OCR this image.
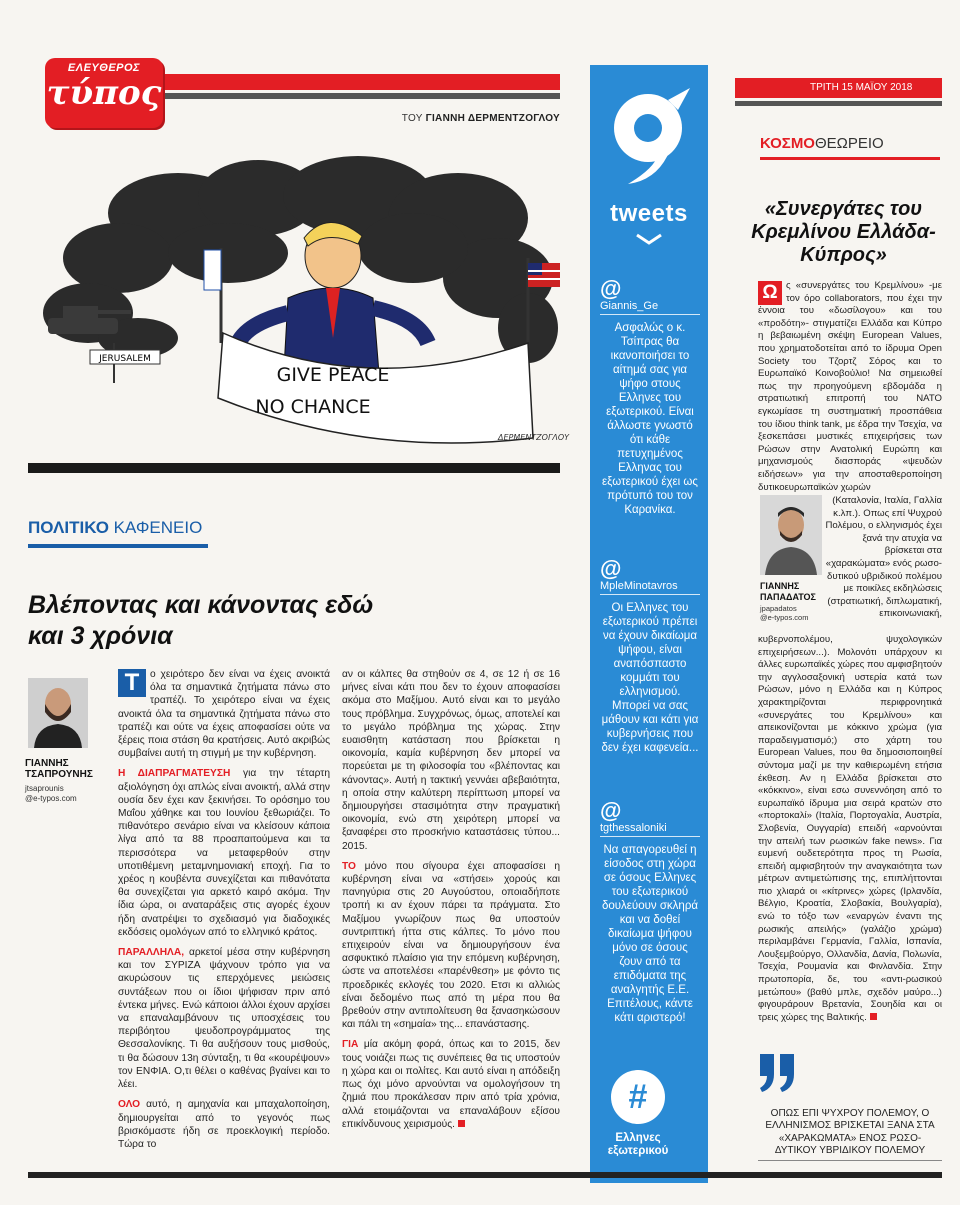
ΕΛΕΥΘΕΡΟΣ
τύπος
ΤΟΥ ΓΙΑΝΝΗ ΔΕΡΜΕΝΤΖΟΓΛΟΥ
JERUSALEM
GIVE PEACE
NO CHANCE
ΔΕΡΜΕΝΤΖΟΓΛΟΥ
ΠΟΛΙΤΙΚΟ ΚΑΦΕΝΕΙΟ
Βλέποντας και κάνοντας εδώ και 3 χρόνια
ΓΙΑΝΝΗΣ
ΤΣΑΠΡΟΥΝΗΣ
jtsaprounis
@e-typos.com

Τ	ο χειρότερο δεν είναι να έχεις ανοικτά όλα τα σημαντικά ζητήματα πάνω στο τραπέζι. Το χειρότερο είναι να έχεις ανοικτά όλα τα σημαντικά ζητήματα πάνω στο τραπέζι και ούτε να έχεις αποφασίσει ούτε να ξέρεις ποια στάση θα κρατήσεις. Αυτό ακριβώς συμβαίνει αυτή τη στιγμή με την κυβέρνηση.

Η ΔΙΑΠΡΑΓΜΑΤΕΥΣΗ για την τέταρτη αξιολόγηση όχι απλώς είναι ανοικτή, αλλά στην ουσία δεν έχει καν ξεκινήσει. Το ορόσημο του Μαΐου χάθηκε και του Ιουνίου ξεθωριάζει. Το πιθανότερο σενάριο είναι να κλείσουν κάποια λίγα από τα 88 προαπαιτούμενα και τα περισσότερα να μεταφερθούν στην υποτιθέμενη μεταμνημονιακή εποχή. Για το χρέος η κουβέντα συνεχίζεται και πιθανότατα θα συνεχίζεται για αρκετό καιρό ακόμα. Την ίδια ώρα, οι αναταράξεις στις αγορές έχουν ήδη ανατρέψει το σχεδιασμό για διαδοχικές εκδόσεις ομολόγων από το ελληνικό κράτος.

ΠΑΡΑΛΛΗΛΑ, αρκετοί μέσα στην κυβέρνηση και τον ΣΥΡΙΖΑ ψάχνουν τρόπο για να ακυρώσουν τις επερχόμενες μειώσεις συντάξεων που οι ίδιοι ψήφισαν πριν από έντεκα μήνες. Ενώ κάποιοι άλλοι έχουν αρχίσει να επαναλαμβάνουν τις υποσχέσεις του περιβόητου ψευδοπρογράμματος της Θεσσαλονίκης. Τι θα αυξήσουν τους μισθούς, τι θα δώσουν 13η σύνταξη, τι θα «κουρέψουν» τον ΕΝΦΙΑ. Ο,τι θέλει ο καθένας βγαίνει και το λέει.

ΟΛΟ αυτό, η αμηχανία και μπαχαλοποίηση, δημιουργείται από το γεγονός πως βρισκόμαστε ήδη σε προεκλογική περίοδο. Τώρα το

αν οι κάλπες θα στηθούν σε 4, σε 12 ή σε 16 μήνες είναι κάτι που δεν το έχουν αποφασίσει ακόμα στο Μαξίμου. Αυτό είναι και το μεγάλο τους πρόβλημα. Συγχρόνως, όμως, αποτελεί και το μεγάλο πρόβλημα της χώρας. Στην ευαισθητη κατάσταση που βρίσκεται η οικονομία, καμία κυβέρνηση δεν μπορεί να πορεύεται με τη φιλοσοφία του «βλέποντας και κάνοντας». Αυτή η τακτική γεννάει αβεβαιότητα, η οποία στην καλύτερη περίπτωση μπορεί να δημιουργήσει στασιμότητα στην πραγματική οικονομία, ενώ στη χειρότερη μπορεί να ξαναφέρει στο προσκήνιο καταστάσεις τύπου... 2015.

ΤΟ μόνο που σίγουρα έχει αποφασίσει η κυβέρνηση είναι να «στήσει» χορούς και πανηγύρια στις 20 Αυγούστου, οποιαδήποτε τροπή κι αν έχουν πάρει τα πράγματα. Στο Μαξίμου γνωρίζουν πως θα υποστούν συντριπτική ήττα στις κάλπες. Το μόνο που επιχειρούν είναι να δημιουργήσουν ένα ασφυκτικό πλαίσιο για την επόμενη κυβέρνηση, ώστε να αποτελέσει «παρένθεση» με φόντο τις προεδρικές εκλογές του 2020. Ετσι κι αλλιώς είναι δεδομένο πως από τη μέρα που θα βρεθούν στην αντιπολίτευση θα ξανασηκώσουν και πάλι τη «σημαία» της... επανάστασης.

ΓΙΑ μία ακόμη φορά, όπως και το 2015, δεν τους νοιάζει πως τις συνέπειες θα τις υποστούν η χώρα και οι πολίτες. Και αυτό είναι η απόδειξη πως όχι μόνο αρνούνται να ομολογήσουν τη ζημιά που προκάλεσαν πριν από τρία χρόνια, αλλά ετοιμάζονται να επαναλάβουν εξίσου επικίνδυνους χειρισμούς.

tweets
@
Giannis_Ge
Ασφαλώς ο κ. Τσίπρας θα ικανοποιήσει το αίτημά σας για ψήφο στους Ελληνες του εξωτερικού. Είναι άλλωστε γνωστό ότι κάθε πετυχημένος Ελληνας του εξωτερικού έχει ως πρότυπό του τον Καρανίκα.
@
MpleMinotavros
Οι Ελληνες του εξωτερικού πρέπει να έχουν δικαίωμα ψήφου, είναι αναπόσπαστο κομμάτι του ελληνισμού. Μπορεί να σας μάθουν και κάτι για κυβερνήσεις που δεν έχει καφενεία...
@
tgthessaloniki
Να απαγορευθεί η είσοδος στη χώρα σε όσους Ελληνες του εξωτερικού δουλεύουν σκληρά και να δοθεί δικαίωμα ψήφου μόνο σε όσους ζουν από τα επιδόματα της αναλγητής Ε.Ε. Επιτέλους, κάντε κάτι αριστερό!
#
Ελληνες εξωτερικού
ΤΡΙΤΗ 15 ΜΑΪΟΥ 2018
ΚΟΣΜΟΘΕΩΡΕΙΟ
«Συνεργάτες του Κρεμλίνου Ελλάδα-Κύπρος»
Ω ς «συνεργάτες του Κρεμλίνου» -με τον όρο collaborators, που έχει την έννοια του «δωσίλογου» και του «προδότη»- στιγματίζει Ελλάδα και Κύπρο η βεβαιωμένη σκέψη European Values, που χρηματοδοτείται από το ίδρυμα Open Society του Τζορτζ Σόρος και το Ευρωπαϊκό Κοινοβούλιο! Να σημειωθεί πως την προηγούμενη εβδομάδα η στρατιωτική επιτροπή του ΝΑΤΟ εγκωμίασε τη συστηματική προσπάθεια του ίδιου think tank, με έδρα την Τσεχία, να ξεσκεπάσει μυστικές επιχειρήσεις των Ρώσων στην Ανατολική Ευρώπη και μηχανισμούς διασποράς «ψευδών ειδήσεων» για την αποσταθεροποίηση δυτικοευρωπαϊκών χωρών
ΓΙΑΝΝΗΣ
ΠΑΠΑΔΑΤΟΣ
jpapadatos
@e-typos.com
(Καταλονία, Ιταλία, Γαλλία κ.λπ.). Οπως επί Ψυχρού Πολέμου, ο ελληνισμός έχει ξανά την ατυχία να βρίσκεται στα «χαρακώματα» ενός ρωσο-δυτικού υβριδικού πολέμου με ποικίλες εκδηλώσεις (στρατιωτική, διπλωματική, επικοινωνιακή,
κυβερνοπολέμου, ψυχολογικών επιχειρήσεων...). Μολονότι υπάρχουν κι άλλες ευρωπαϊκές χώρες που αμφισβητούν την αγγλοσαξονική υστερία κατά των Ρώσων, μόνο η Ελλάδα και η Κύπρος χαρακτηρίζονται περιφρονητικά «συνεργάτες του Κρεμλίνου» και απεικονίζονται με κόκκινο χρώμα (για παραδειγματισμό;) στο χάρτη του European Values, που θα δημοσιοποιηθεί σύντομα μαζί με την καθιερωμένη ετήσια έκθεση. Αν η Ελλάδα βρίσκεται στο «κόκκινο», είναι εσω συνεννόηση από το ευρωπαϊκό ίδρυμα μια σειρά κρατών στο «πορτοκαλί» (Ιταλία, Πορτογαλία, Αυστρία, Σλοβενία, Ουγγαρία) επειδή «αρνούνται την απειλή των ρωσικών fake news». Για ευμενή ουδετερότητα προς τη Ρωσία, επειδή αμφισβητούν την αναγκαιότητα των μέτρων αντιμετώπισης της, επιπλήττονται πιο χλιαρά οι «κίτρινες» χώρες (Ιρλανδία, Βέλγιο, Κροατία, Σλοβακία, Βουλγαρία), ενώ το τόξο των «εναργών έναντι της ρωσικής απειλής» (γαλάζιο χρώμα) περιλαμβάνει Γερμανία, Γαλλία, Ισπανία, Λουξεμβούργο, Ολλανδία, Δανία, Πολωνία, Τσεχία, Ρουμανία και Φινλανδία. Στην πρωτοπορία, δε, του «αντι-ρωσικού μετώπου» (βαθύ μπλε, σχεδόν μαύρο...) φιγουράρουν Βρετανία, Σουηδία και οι τρεις χώρες της Βαλτικής.
ΟΠΩΣ ΕΠΙ ΨΥΧΡΟΥ ΠΟΛΕΜΟΥ, Ο ΕΛΛΗΝΙΣΜΟΣ ΒΡΙΣΚΕΤΑΙ ΞΑΝΑ ΣΤΑ «ΧΑΡΑΚΩΜΑΤΑ» ΕΝΟΣ ΡΩΣΟ-ΔΥΤΙΚΟΥ ΥΒΡΙΔΙΚΟΥ ΠΟΛΕΜΟΥ
